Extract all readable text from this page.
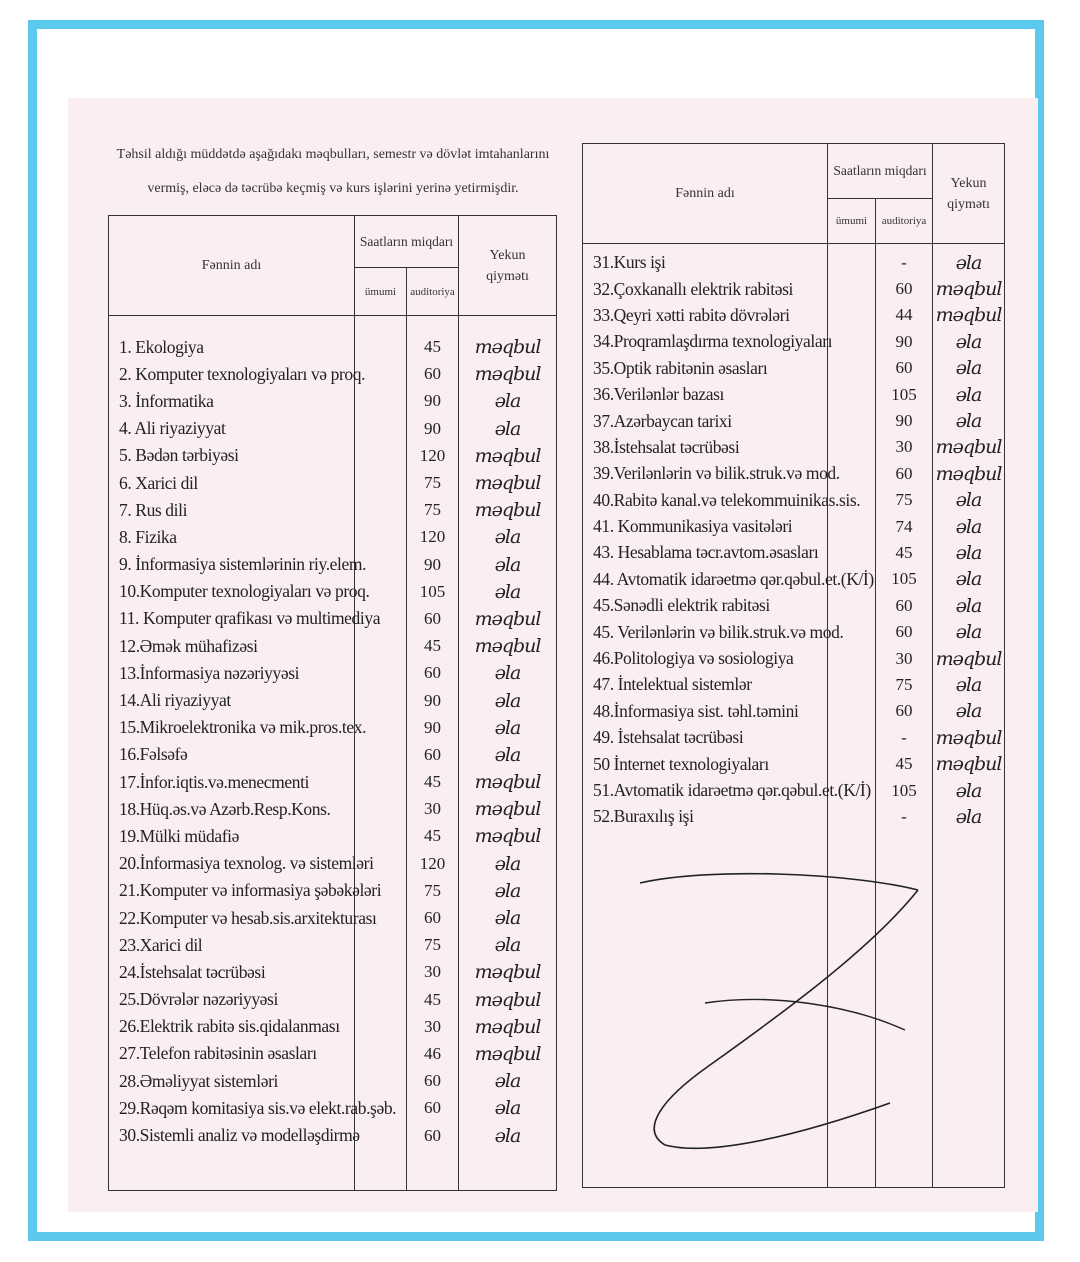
Təhsil aldığı müddətdə aşağıdakı məqbulları, semestr və dövlət imtahanlarını
vermiş, eləcə də təcrübə keçmiş və kurs işlərini yerinə yetirmişdir.
Fənnin adı	Saatların miqdarı		Yekun
qiymətı
	ümumi	auditoriya	

1. Ekologiya		45	məqbul
2. Komputer texnologiyaları və proq.		60	məqbul
3. İnformatika		90	əla
4. Ali riyaziyyat		90	əla
5. Bədən tərbiyəsi		120	məqbul
6. Xarici dil		75	məqbul
7. Rus dili		75	məqbul
8. Fizika		120	əla
9. İnformasiya sistemlərinin riy.elem.		90	əla
10.Komputer texnologiyaları və proq.		105	əla
11. Komputer qrafikası və multimediya		60	məqbul
12.Əmək mühafizəsi		45	məqbul
13.İnformasiya nəzəriyyəsi		60	əla
14.Ali riyaziyyat		90	əla
15.Mikroelektronika və mik.pros.tex.		90	əla
16.Fəlsəfə		60	əla
17.İnfor.iqtis.və.menecmenti		45	məqbul
18.Hüq.əs.və Azərb.Resp.Kons.		30	məqbul
19.Mülki müdafiə		45	məqbul
20.İnformasiya texnolog. və sistemləri		120	əla
21.Komputer və informasiya şəbəkələri		75	əla
22.Komputer və hesab.sis.arxitekturası		60	əla
23.Xarici dil		75	əla
24.İstehsalat təcrübəsi		30	məqbul
25.Dövrələr nəzəriyyəsi		45	məqbul
26.Elektrik rabitə sis.qidalanması		30	məqbul
27.Telefon rabitəsinin əsasları		46	məqbul
28.Əməliyyat sistemləri		60	əla
29.Rəqəm komitasiya sis.və elekt.rab.şəb.		60	əla
30.Sistemli analiz və modelləşdirmə		60	əla

Fənnin adı	Saatların miqdarı		Yekun
qiymətı
	ümumi	auditoriya	

31.Kurs işi		-	əla
32.Çoxkanallı elektrik rabitəsi		60	məqbul
33.Qeyri xətti rabitə dövrələri		44	məqbul
34.Proqramlaşdırma texnologiyaları		90	əla
35.Optik rabitənin əsasları		60	əla
36.Verilənlər bazası		105	əla
37.Azərbaycan tarixi		90	əla
38.İstehsalat təcrübəsi		30	məqbul
39.Verilənlərin və bilik.struk.və mod.		60	məqbul
40.Rabitə kanal.və telekommuinikas.sis.		75	əla
41. Kommunikasiya vasitələri		74	əla
43. Hesablama təcr.avtom.əsasları		45	əla
44. Avtomatik idarəetmə qər.qəbul.et.(K/İ)		105	əla
45.Sənədli elektrik rabitəsi		60	əla
45. Verilənlərin və bilik.struk.və mod.		60	əla
46.Politologiya və sosiologiya		30	məqbul
47. İntelektual sistemlər		75	əla
48.İnformasiya sist. təhl.təmini		60	əla
49. İstehsalat təcrübəsi		-	məqbul
50 İnternet texnologiyaları		45	məqbul
51.Avtomatik idarəetmə qər.qəbul.et.(K/İ)		105	əla
52.Buraxılış işi		-	əla
